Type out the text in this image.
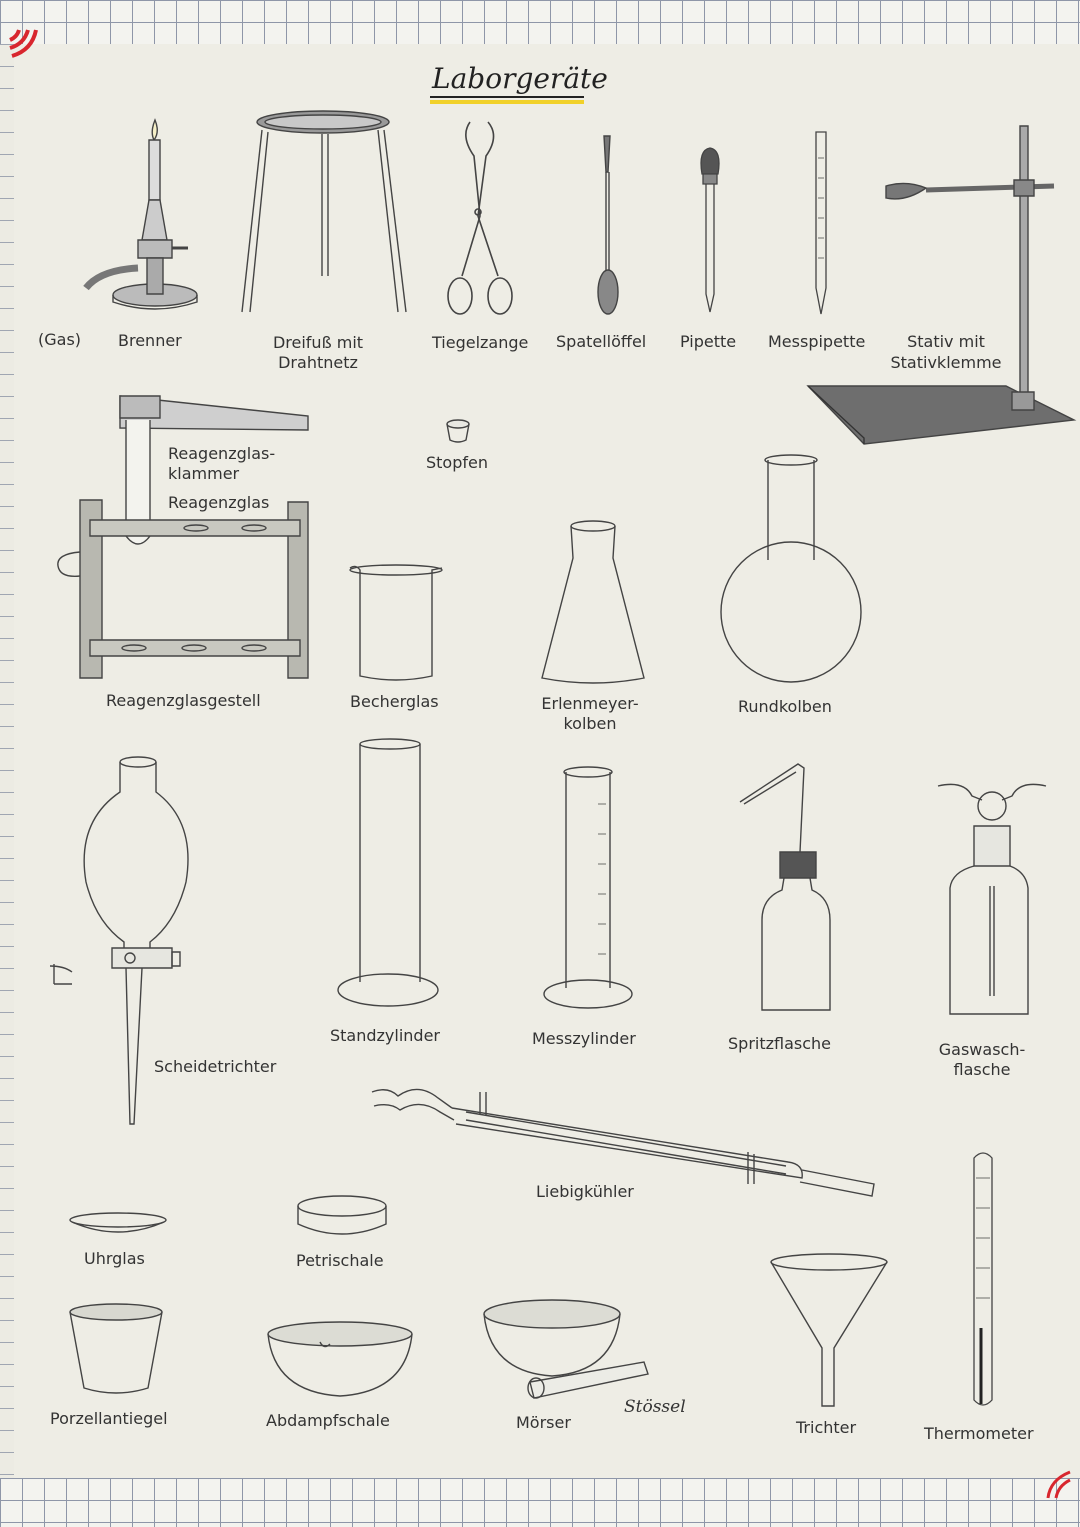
Laborgeräte
(Gas) Brenner	Dreifuß mit
Drahtnetz
Tiegelzange Spatellöffel Pipette Messpipette	Stativ mit
Stativklemme
Reagenzglas-
klammer
Reagenzglas
Stopfen
Reagenzglasgestell	Becherglas	Erlenmeyer-
kolben
Rundkolben
Standzylinder	Messzylinder	Spritzflasche	Gaswasch-
flasche
Scheidetrichter
Liebigkühler
Uhrglas	Petrischale
Porzellantiegel	Abdampfschale	Mörser
Stössel
Trichter	Thermometer
